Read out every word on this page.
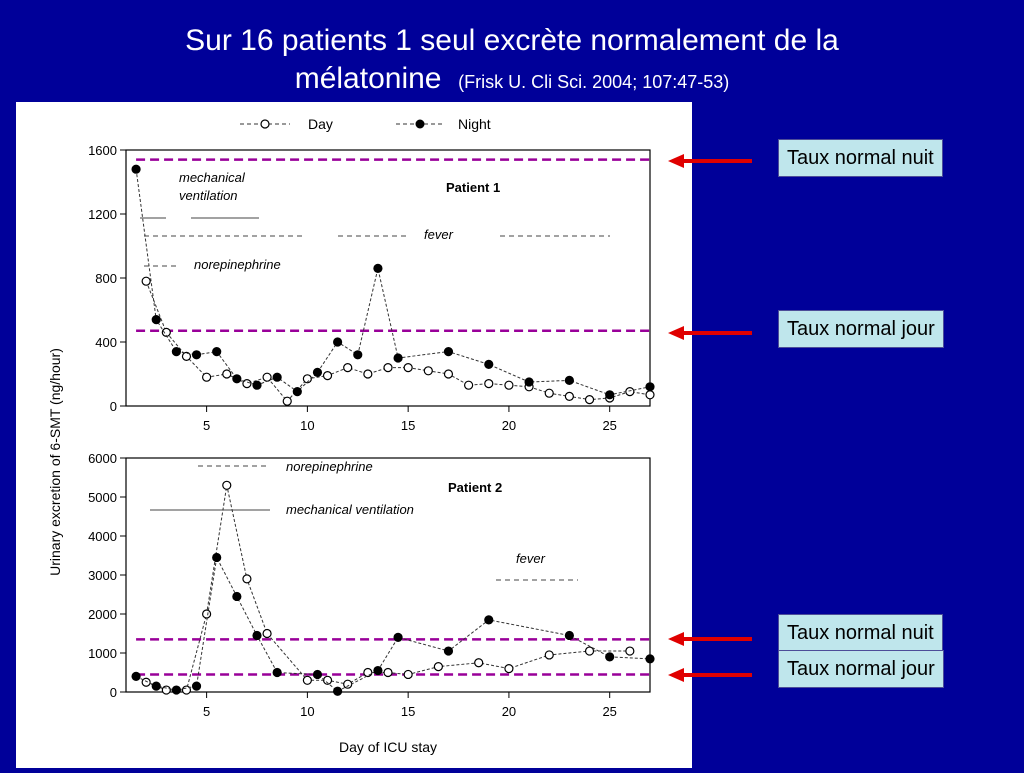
Sur 16 patients 1 seul excrète normalement de la
mélatonine (Frisk U. Cli Sci. 2004; 107:47-53)
Day	Night
Urinary excretion of 6-SMT (ng/hour)
Day of ICU stay
0
400
800
1200
1600
5	10	15	20	25
Patient 1
mechanical
ventilation
fever
norepinephrine
0
1000
2000
3000
4000
5000
6000
5	10	15	20	25
Patient 2
norepinephrine
mechanical ventilation
fever
Taux normal nuit
Taux normal jour
Taux normal nuit
Taux normal jour
